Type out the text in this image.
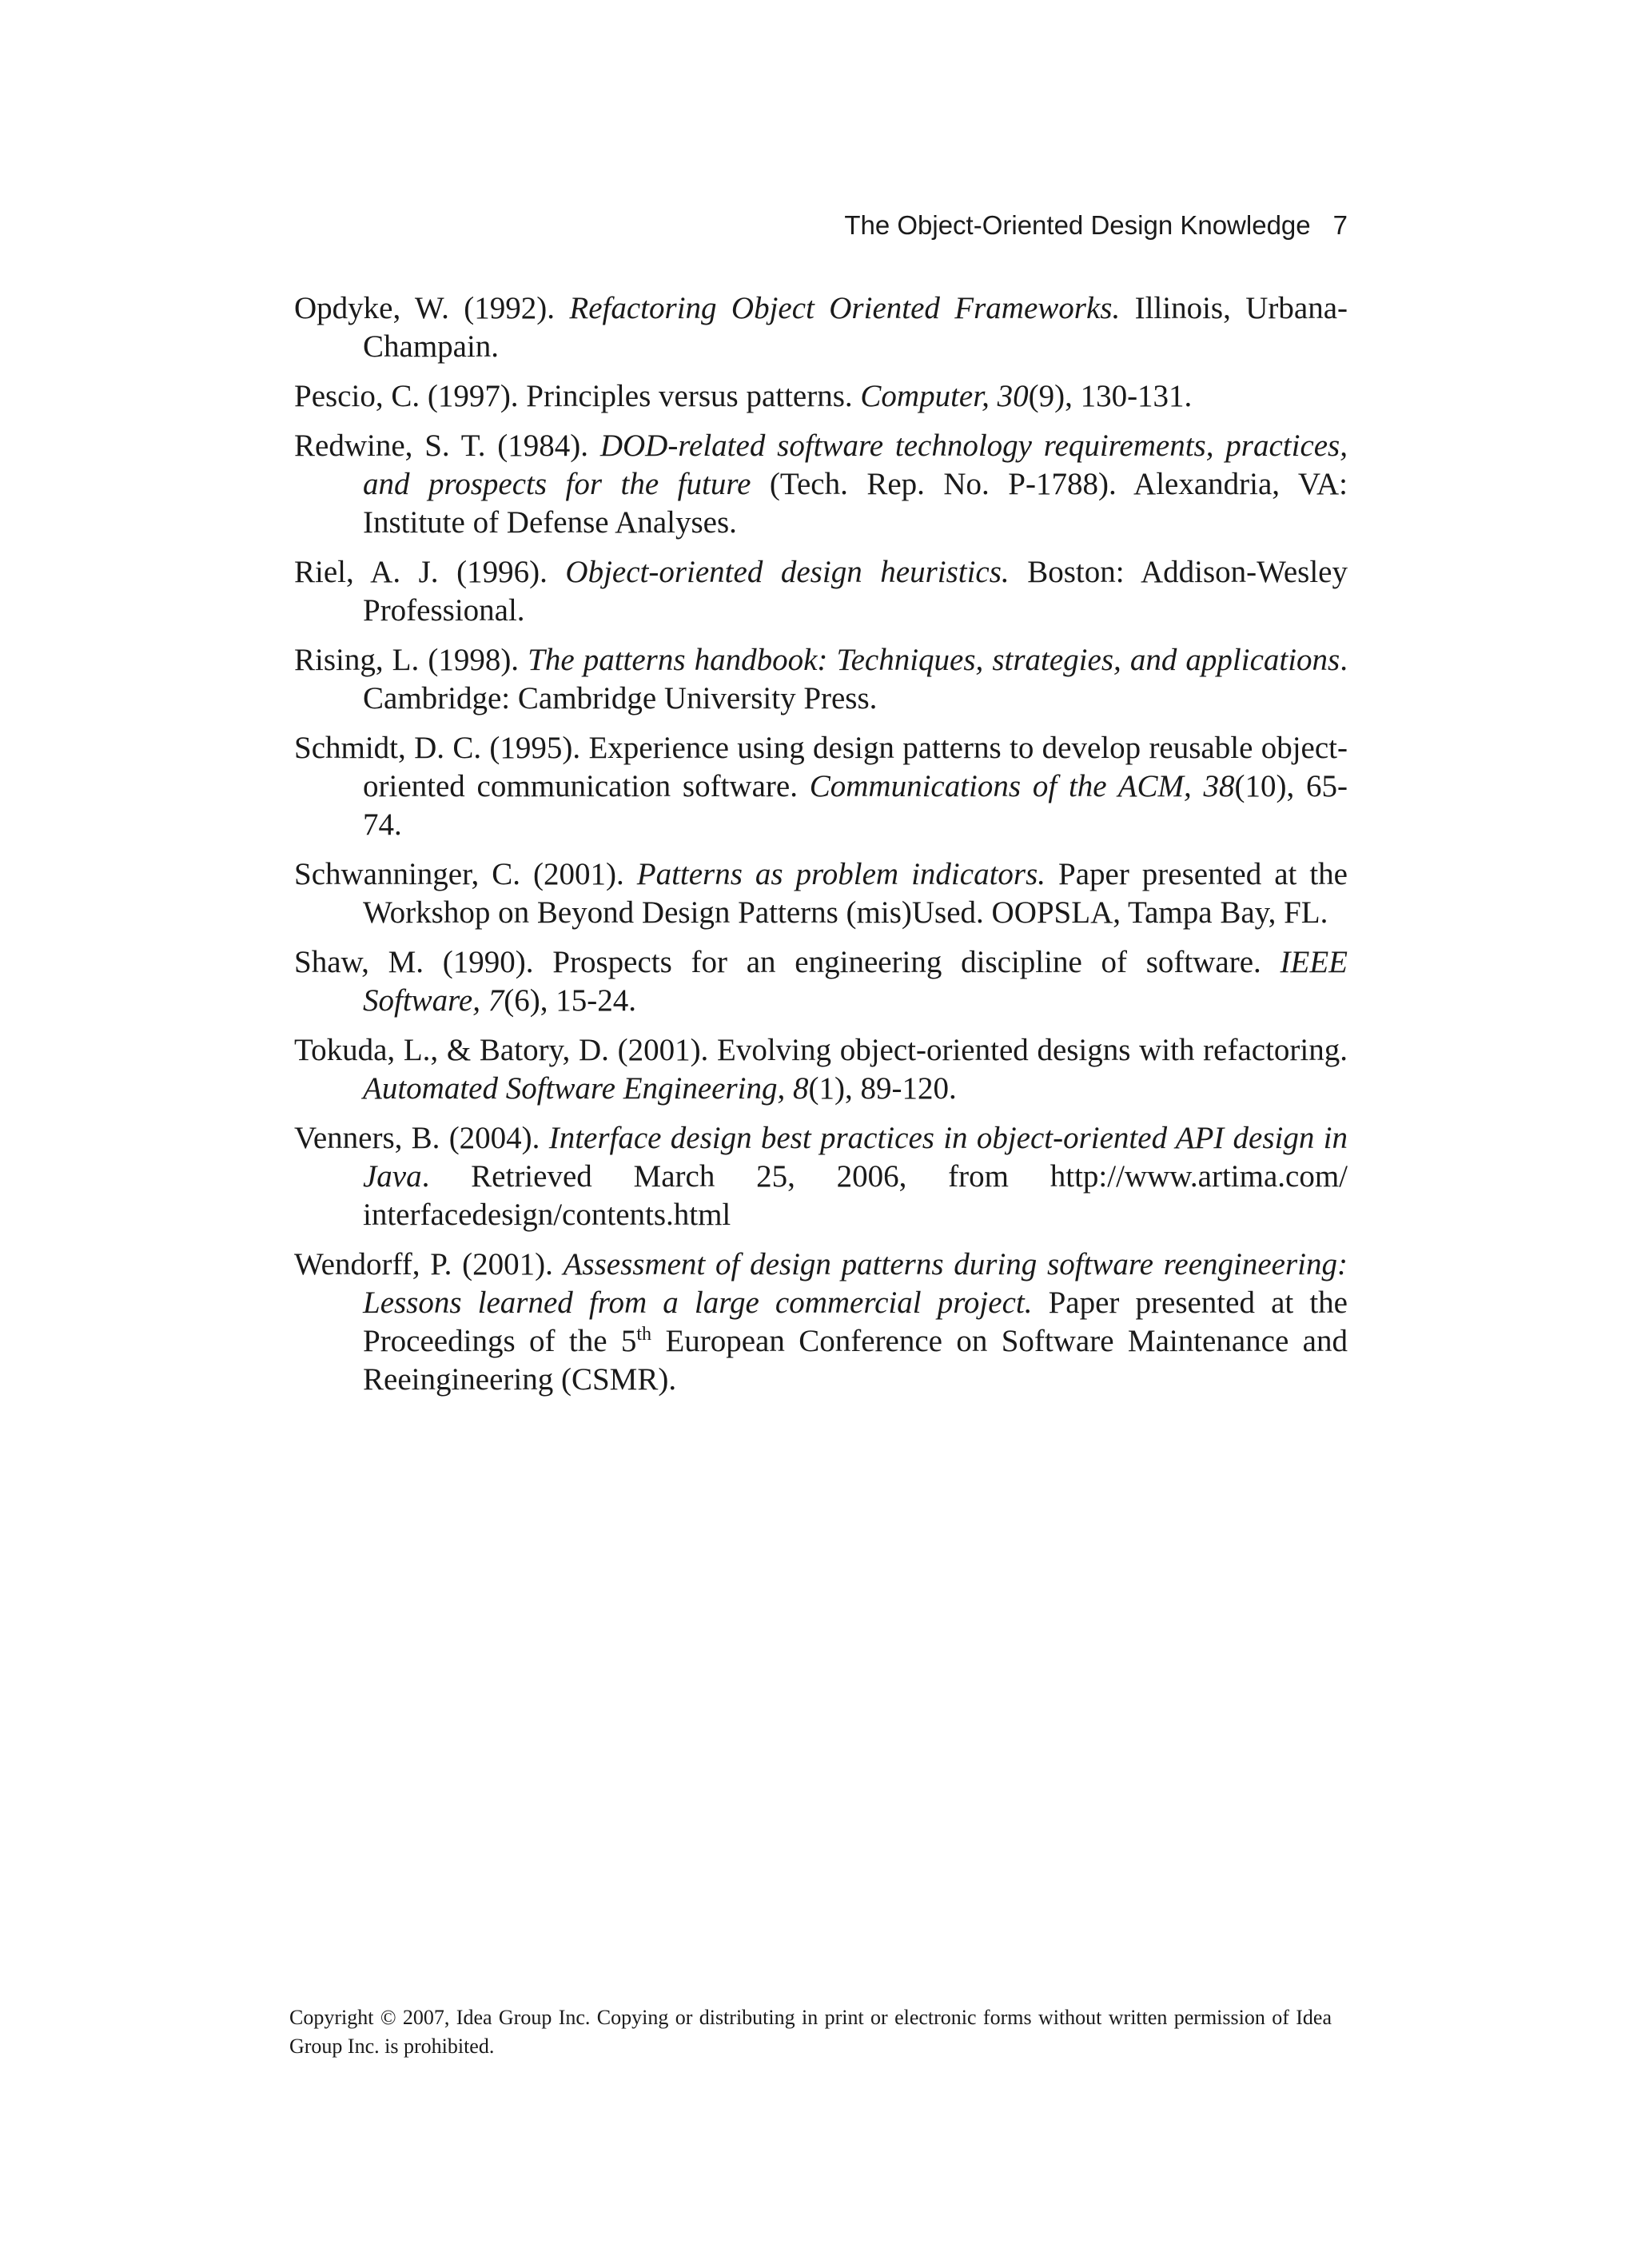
The Object-Oriented Design Knowledge 7
Opdyke, W. (1992). Refactoring Object Oriented Frameworks. Illinois, Urbana-Champain.
Pescio, C. (1997). Principles versus patterns. Computer, 30(9), 130-131.
Redwine, S. T. (1984). DOD-related software technology requirements, practices, and prospects for the future (Tech. Rep. No. P-1788). Alexandria, VA: Institute of Defense Analyses.
Riel, A. J. (1996). Object-oriented design heuristics. Boston: Addison-Wesley Professional.
Rising, L. (1998). The patterns handbook: Techniques, strategies, and applications. Cambridge: Cambridge University Press.
Schmidt, D. C. (1995). Experience using design patterns to develop reusable object-oriented communication software. Communications of the ACM, 38(10), 65-74.
Schwanninger, C. (2001). Patterns as problem indicators. Paper presented at the Workshop on Beyond Design Patterns (mis)Used. OOPSLA, Tampa Bay, FL.
Shaw, M. (1990). Prospects for an engineering discipline of software. IEEE Software, 7(6), 15-24.
Tokuda, L., & Batory, D. (2001). Evolving object-oriented designs with refactoring. Automated Software Engineering, 8(1), 89-120.
Venners, B. (2004). Interface design best practices in object-oriented API design in Java. Retrieved March 25, 2006, from http://www.artima.com/ interfacedesign/contents.html
Wendorff, P. (2001). Assessment of design patterns during software reengineering: Lessons learned from a large commercial project. Paper presented at the Proceedings of the 5th European Conference on Software Maintenance and Reeingineering (CSMR).
Copyright © 2007, Idea Group Inc. Copying or distributing in print or electronic forms without written permission of Idea Group Inc. is prohibited.
